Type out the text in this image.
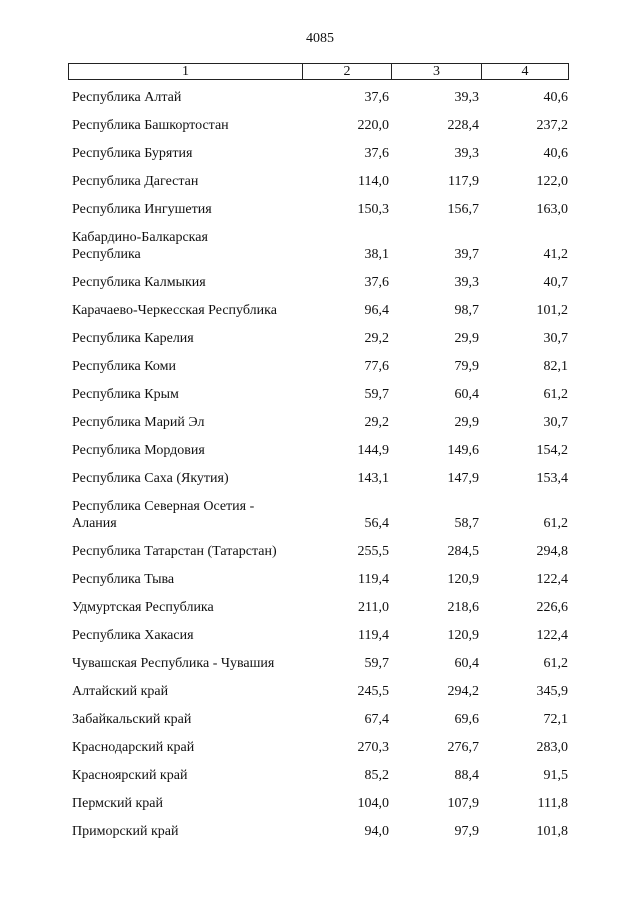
4085
1	2	3	4
Республика Алтай	37,6	39,3	40,6
Республика Башкортостан	220,0	228,4	237,2
Республика Бурятия	37,6	39,3	40,6
Республика Дагестан	114,0	117,9	122,0
Республика Ингушетия	150,3	156,7	163,0
Кабардино-Балкарская Республика	38,1	39,7	41,2
Республика Калмыкия	37,6	39,3	40,7
Карачаево-Черкесская Республика	96,4	98,7	101,2
Республика Карелия	29,2	29,9	30,7
Республика Коми	77,6	79,9	82,1
Республика Крым	59,7	60,4	61,2
Республика Марий Эл	29,2	29,9	30,7
Республика Мордовия	144,9	149,6	154,2
Республика Саха (Якутия)	143,1	147,9	153,4
Республика Северная Осетия - Алания	56,4	58,7	61,2
Республика Татарстан (Татарстан)	255,5	284,5	294,8
Республика Тыва	119,4	120,9	122,4
Удмуртская Республика	211,0	218,6	226,6
Республика Хакасия	119,4	120,9	122,4
Чувашская Республика - Чувашия	59,7	60,4	61,2
Алтайский край	245,5	294,2	345,9
Забайкальский край	67,4	69,6	72,1
Краснодарский край	270,3	276,7	283,0
Красноярский край	85,2	88,4	91,5
Пермский край	104,0	107,9	111,8
Приморский край	94,0	97,9	101,8
